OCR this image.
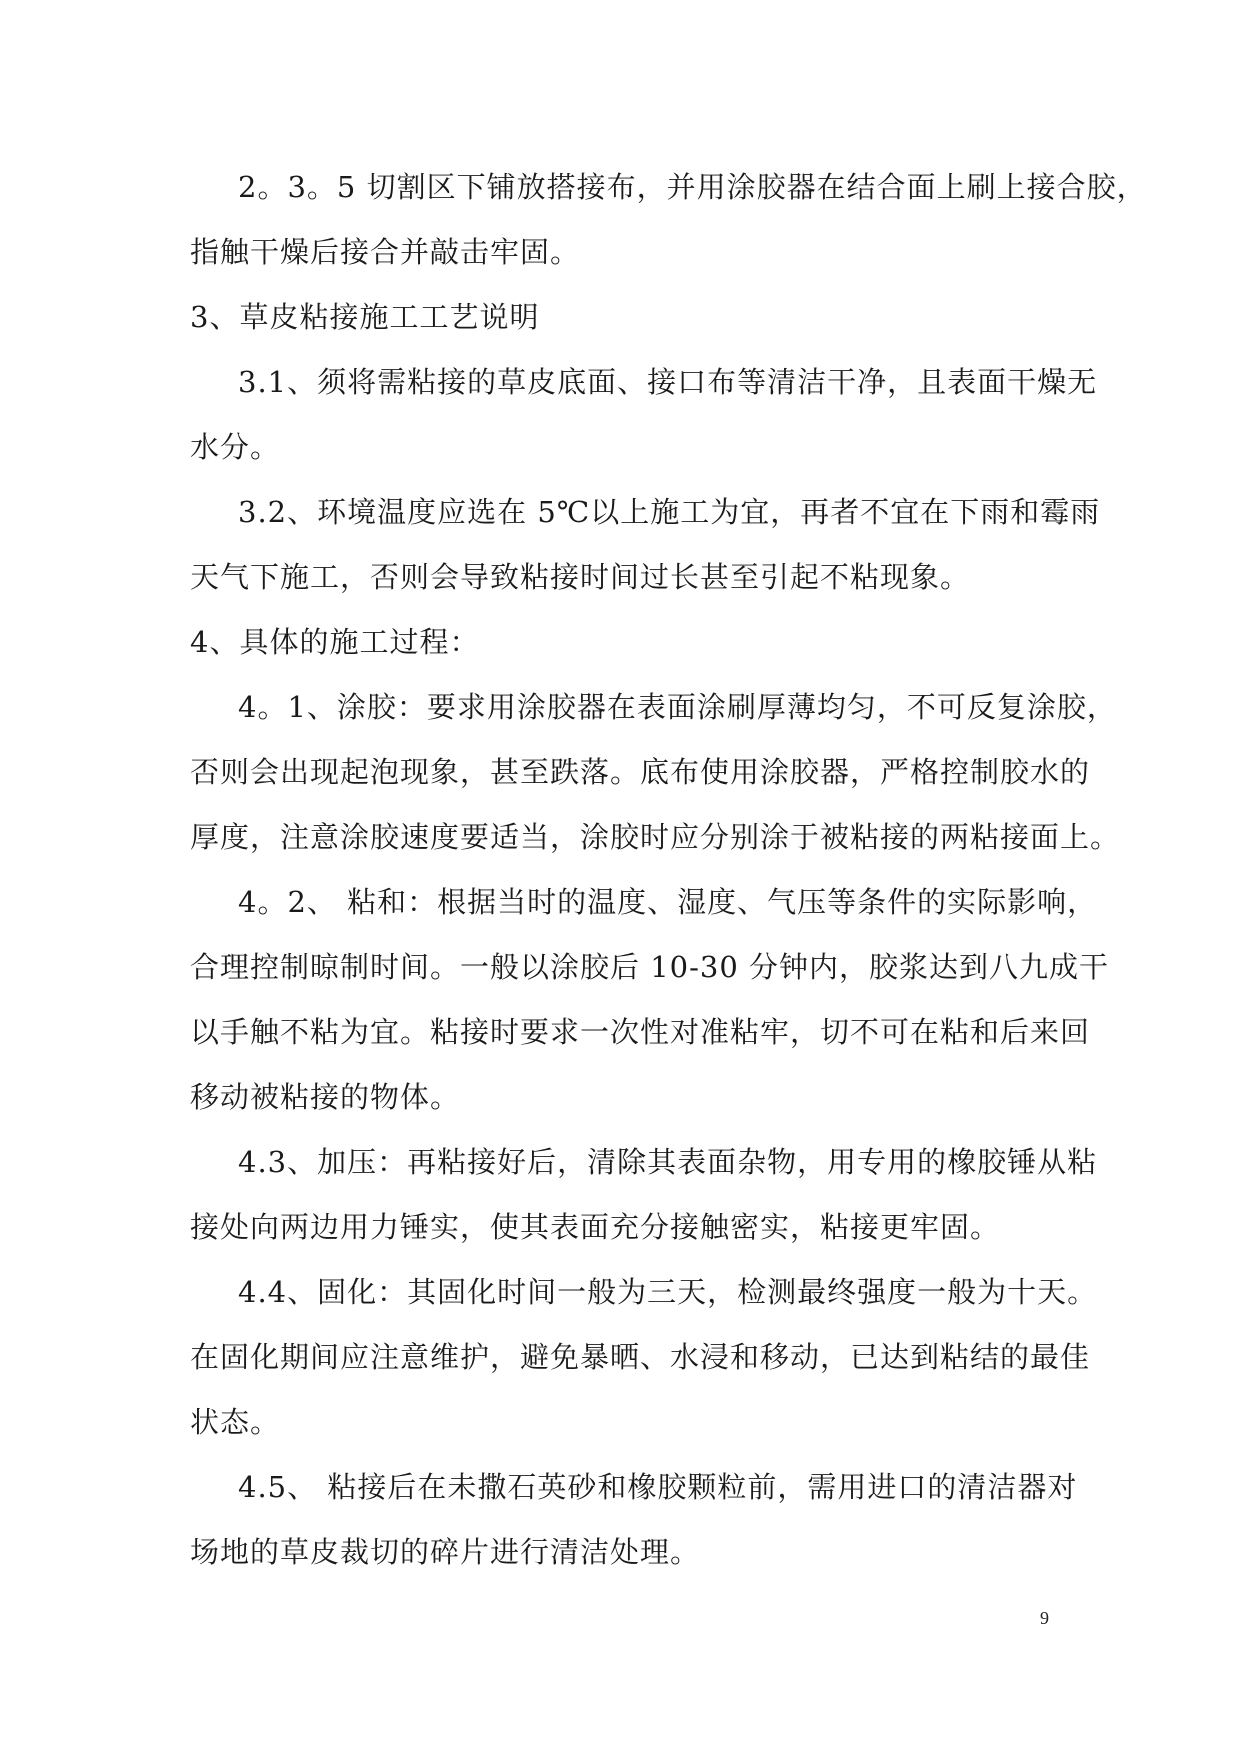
2。3。5 切割区下铺放搭接布，并用涂胶器在结合面上刷上接合胶，
指触干燥后接合并敲击牢固。

3、草皮粘接施工工艺说明

3.1、须将需粘接的草皮底面、接口布等清洁干净，且表面干燥无
水分。

3.2、环境温度应选在 5℃以上施工为宜，再者不宜在下雨和霉雨
天气下施工，否则会导致粘接时间过长甚至引起不粘现象。

4、具体的施工过程：

4。1、涂胶：要求用涂胶器在表面涂刷厚薄均匀，不可反复涂胶，
否则会出现起泡现象，甚至跌落。底布使用涂胶器，严格控制胶水的
厚度，注意涂胶速度要适当，涂胶时应分别涂于被粘接的两粘接面上。

4。2、 粘和：根据当时的温度、湿度、气压等条件的实际影响，
合理控制晾制时间。一般以涂胶后 10-30 分钟内，胶浆达到八九成干
以手触不粘为宜。粘接时要求一次性对准粘牢，切不可在粘和后来回
移动被粘接的物体。

4.3、加压：再粘接好后，清除其表面杂物，用专用的橡胶锤从粘
接处向两边用力锤实，使其表面充分接触密实，粘接更牢固。

4.4、固化：其固化时间一般为三天，检测最终强度一般为十天。
在固化期间应注意维护，避免暴晒、水浸和移动，已达到粘结的最佳
状态。

4.5、 粘接后在未撒石英砂和橡胶颗粒前，需用进口的清洁器对
场地的草皮裁切的碎片进行清洁处理。

9
